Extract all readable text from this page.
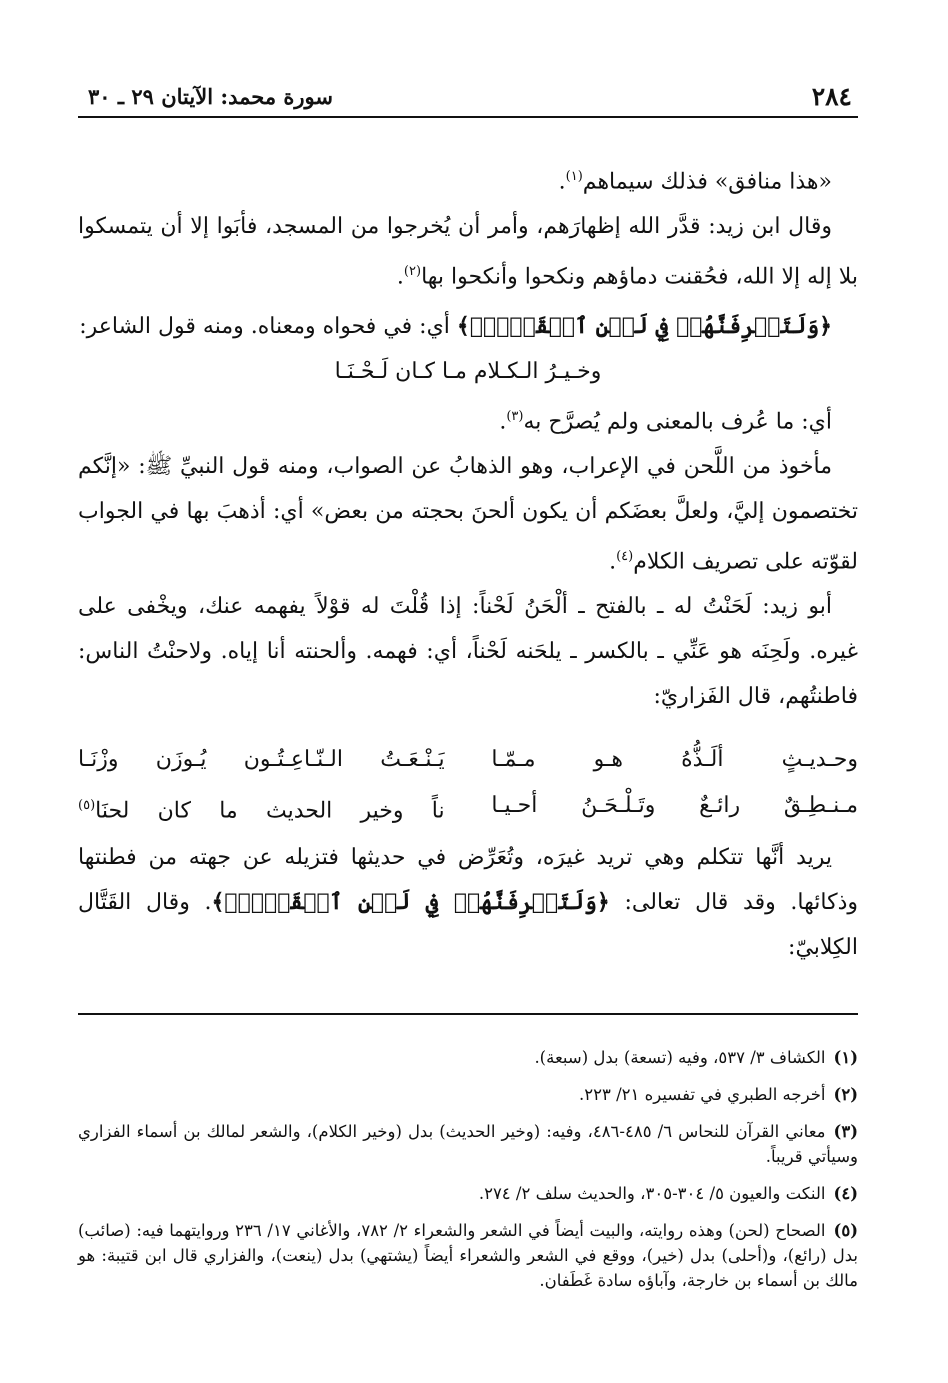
٢٨٤
سورة محمد: الآيتان ٢٩ ـ ٣٠

«هذا منافق» فذلك سيماهم$^{(١)}$.

وقال ابن زيد: قدَّر الله إظهارَهم، وأمر أن يُخرجوا من المسجد، فأبَوا إلا أن يتمسكوا بلا إله إلا الله، فحُقنت دماؤهم ونكحوا وأنكحوا بها$^{(٢)}$.

﴿وَلَتَعۡرِفَنَّهُمۡ فِي لَحۡنِ ٱلۡقَوۡلِۚ﴾ أي: في فحواه ومعناه. ومنه قول الشاعر:

وخـيـرُ الـكـلام مـا كـان لَـحْـنَـا

أي: ما عُرف بالمعنى ولم يُصرَّح به$^{(٣)}$.

مأخوذ من اللَّحن في الإعراب، وهو الذهابُ عن الصواب، ومنه قول النبيِّ ﷺ: «إنَّكم تختصمون إليَّ، ولعلَّ بعضَكم أن يكون ألحنَ بحجته من بعض» أي: أذهبَ بها في الجواب لقوّته على تصريف الكلام$^{(٤)}$.

أبو زيد: لَحَنْتُ له ـ بالفتح ـ ألْحَنُ لَحْناً: إذا قُلْتَ له قوْلاً يفهمه عنك، ويخْفى على غيره. ولَحِنَه هو عَنِّي ـ بالكسر ـ يلحَنه لَحْناً، أي: فهمه. وألحنته أنا إياه. ولاحنْتُ الناس: فاطنتُهم، قال الفَزاريّ:

وحـديـثٍ ألَـذُّهُ هـو مـمّـا
يَـنْـعَـتُ الـنّـاعِـتُـون يُـوزَن وزْنَـا
مـنـطِـقٌ رائـعٌ وتَـلْـحَـنُ أحـيـا
ناً وخير الحديث ما كان لحنَا$^{(٥)}$

يريد أنَّها تتكلم وهي تريد غيرَه، وتُعَرِّض في حديثها فتزيله عن جهته من فطنتها وذكائها. وقد قال تعالى: ﴿وَلَتَعۡرِفَنَّهُمۡ فِي لَحۡنِ ٱلۡقَوۡلِۚ﴾. وقال القَتَّال الكِلابيّ:

(١)الكشاف ٣/ ٥٣٧، وفيه (تسعة) بدل (سبعة).

(٢)أخرجه الطبري في تفسيره ٢١/ ٢٢٣.

(٣)معاني القرآن للنحاس ٦/ ٤٨٥-٤٨٦، وفيه: (وخير الحديث) بدل (وخير الكلام)، والشعر لمالك بن أسماء الفزاري وسيأتي قريباً.

(٤)النكت والعيون ٥/ ٣٠٤-٣٠٥، والحديث سلف ٢/ ٢٧٤.

(٥)الصحاح (لحن) وهذه روايته، والبيت أيضاً في الشعر والشعراء ٢/ ٧٨٢، والأغاني ١٧/ ٢٣٦ وروايتهما فيه: (صائب) بدل (رائع)، و(أحلى) بدل (خير)، ووقع في الشعر والشعراء أيضاً (يشتهي) بدل (ينعت)، والفزاري قال ابن قتيبة: هو مالك بن أسماء بن خارجة، وآباؤه سادة غَطَفان.
